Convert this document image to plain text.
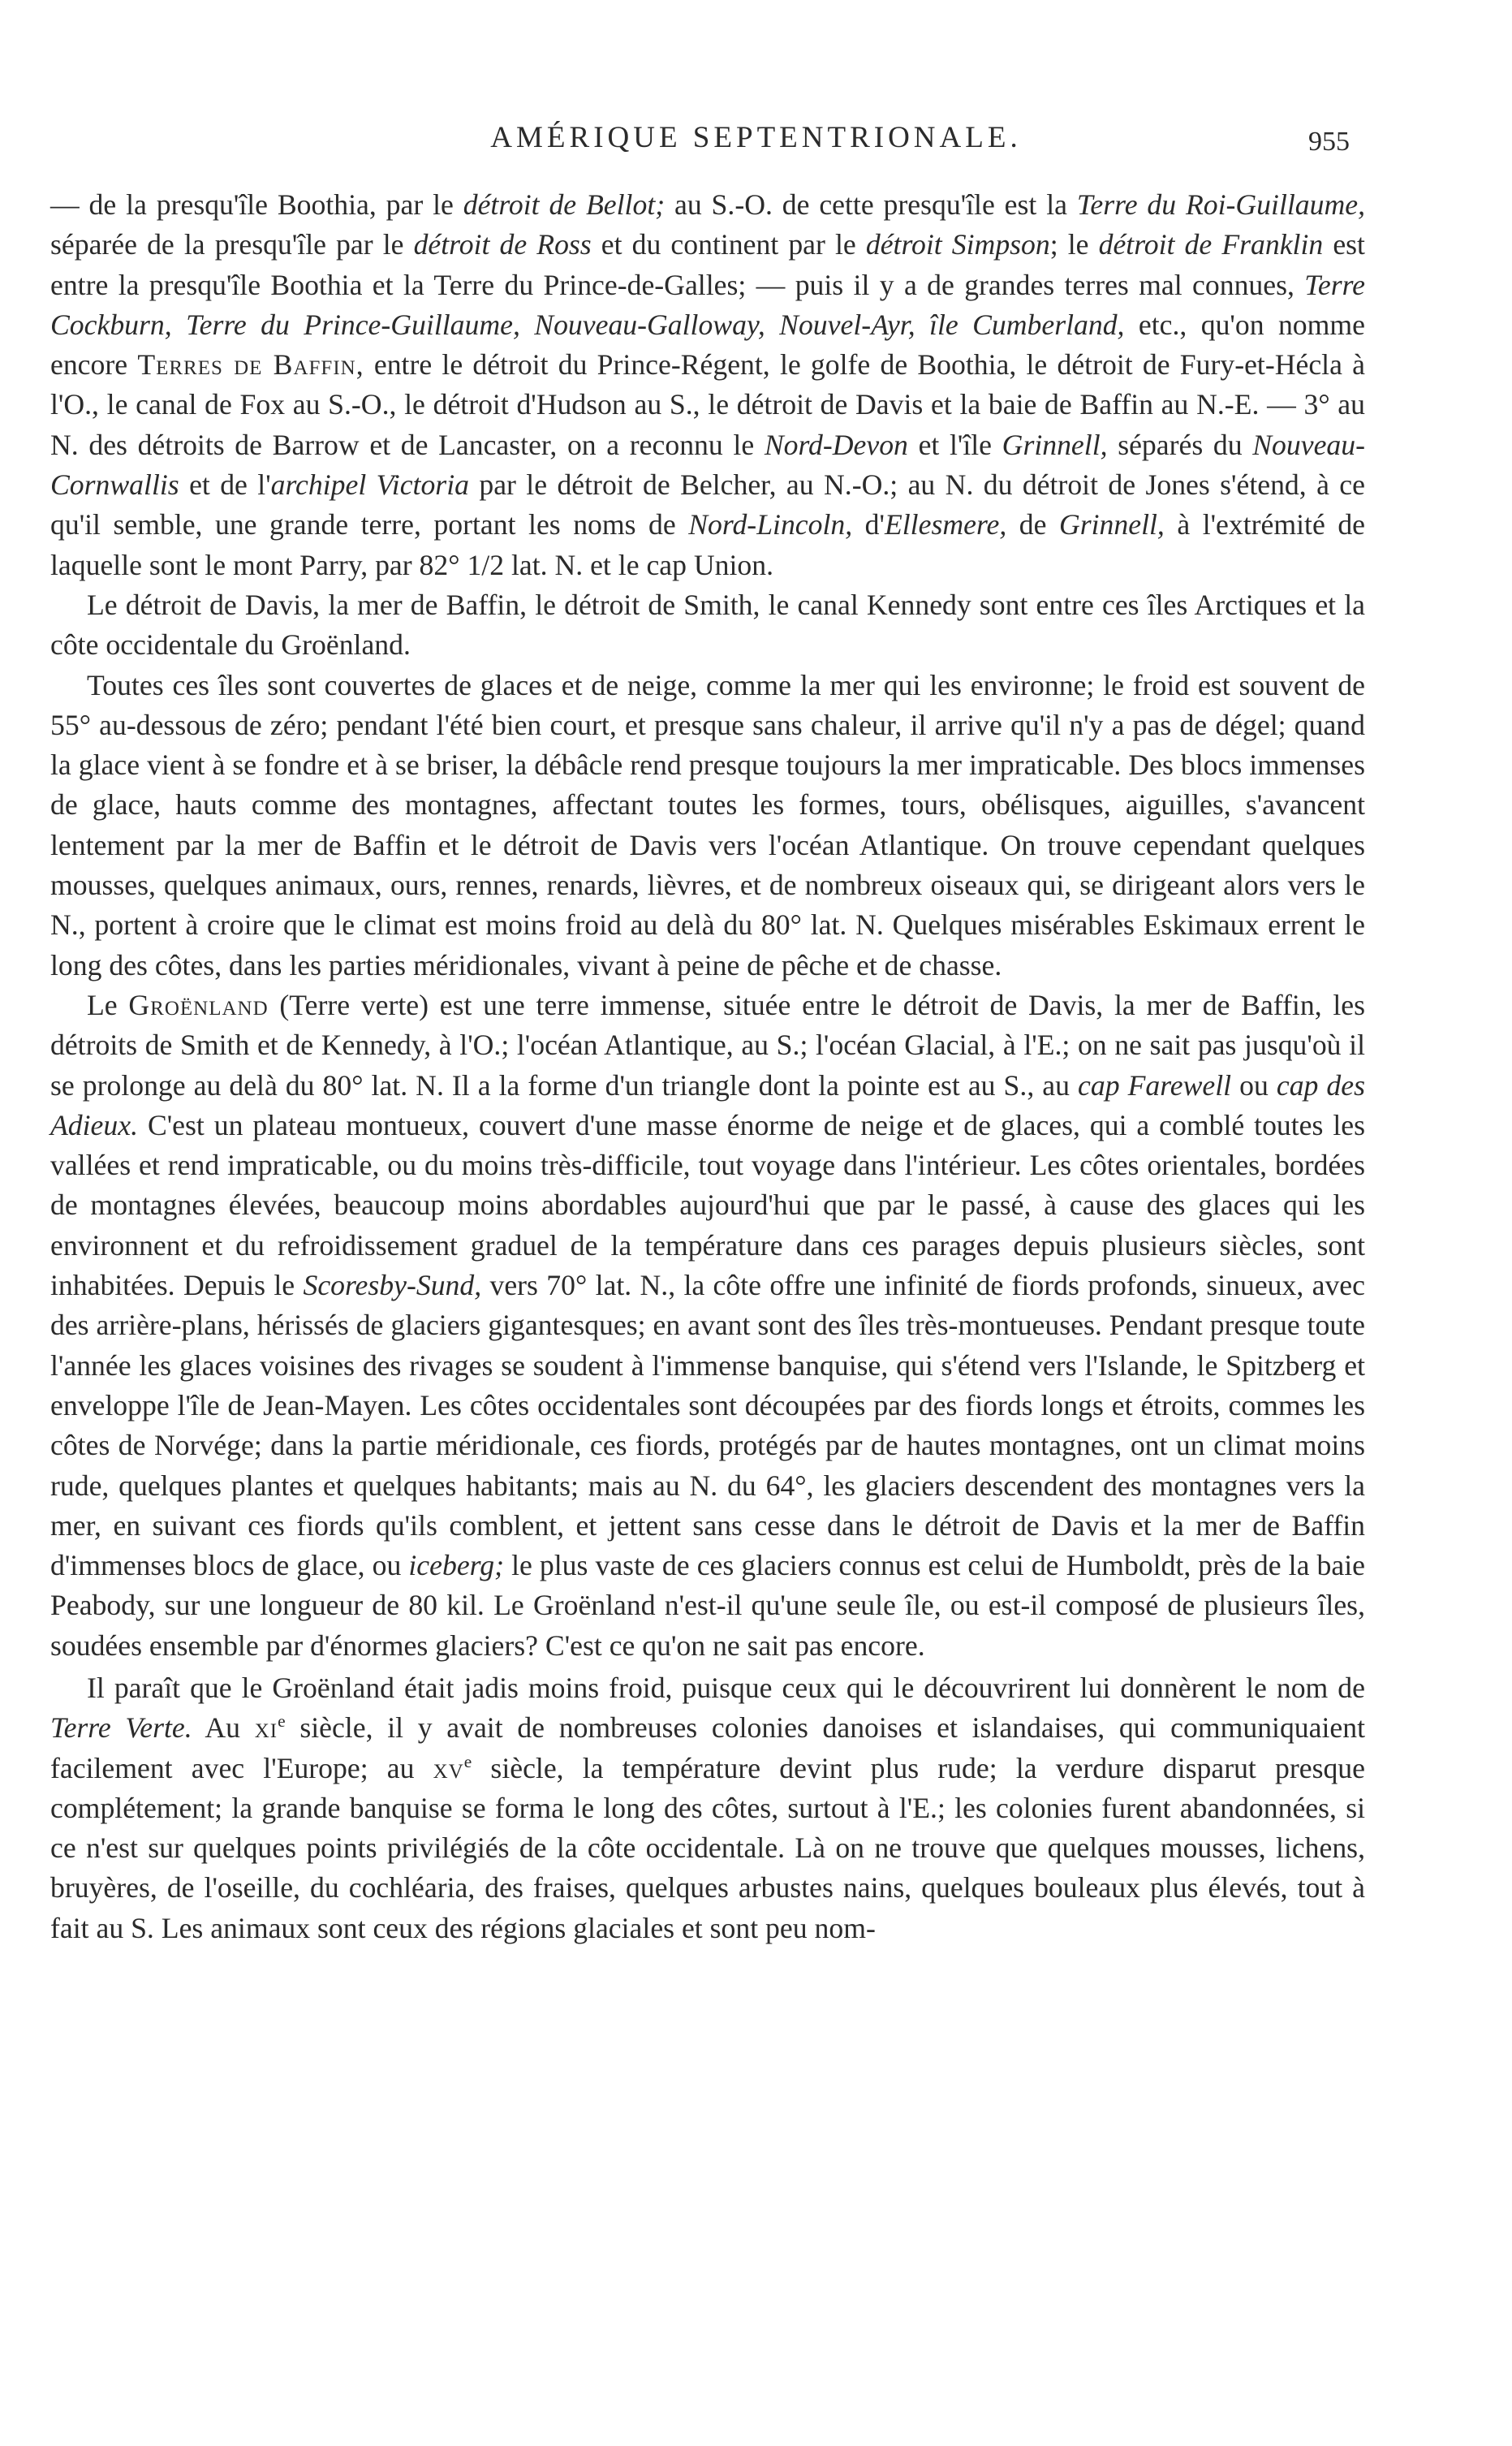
AMÉRIQUE SEPTENTRIONALE.	955

— de la presqu'île Boothia, par le détroit de Bellot; au S.-O. de cette presqu'île est la Terre du Roi-Guillaume, séparée de la presqu'île par le détroit de Ross et du continent par le détroit Simpson; le détroit de Franklin est entre la presqu'île Boothia et la Terre du Prince-de-Galles; — puis il y a de grandes terres mal connues, Terre Cockburn, Terre du Prince-Guillaume, Nouveau-Galloway, Nouvel-Ayr, île Cumberland, etc., qu'on nomme encore Terres de Baffin, entre le détroit du Prince-Régent, le golfe de Boothia, le détroit de Fury-et-Hécla à l'O., le canal de Fox au S.-O., le détroit d'Hudson au S., le détroit de Davis et la baie de Baffin au N.-E. — 3° au N. des détroits de Barrow et de Lancaster, on a reconnu le Nord-Devon et l'île Grinnell, séparés du Nouveau-Cornwallis et de l'archipel Victoria par le détroit de Belcher, au N.-O.; au N. du détroit de Jones s'étend, à ce qu'il semble, une grande terre, portant les noms de Nord-Lincoln, d'Ellesmere, de Grinnell, à l'extrémité de laquelle sont le mont Parry, par 82° 1/2 lat. N. et le cap Union.

Le détroit de Davis, la mer de Baffin, le détroit de Smith, le canal Kennedy sont entre ces îles Arctiques et la côte occidentale du Groënland.

Toutes ces îles sont couvertes de glaces et de neige, comme la mer qui les environne; le froid est souvent de 55° au-dessous de zéro; pendant l'été bien court, et presque sans chaleur, il arrive qu'il n'y a pas de dégel; quand la glace vient à se fondre et à se briser, la débâcle rend presque toujours la mer impraticable. Des blocs immenses de glace, hauts comme des montagnes, affectant toutes les formes, tours, obélisques, aiguilles, s'avancent lentement par la mer de Baffin et le détroit de Davis vers l'océan Atlantique. On trouve cependant quelques mousses, quelques animaux, ours, rennes, renards, lièvres, et de nombreux oiseaux qui, se dirigeant alors vers le N., portent à croire que le climat est moins froid au delà du 80° lat. N. Quelques misérables Eskimaux errent le long des côtes, dans les parties méridionales, vivant à peine de pêche et de chasse.

Le Groënland (Terre verte) est une terre immense, située entre le détroit de Davis, la mer de Baffin, les détroits de Smith et de Kennedy, à l'O.; l'océan Atlantique, au S.; l'océan Glacial, à l'E.; on ne sait pas jusqu'où il se prolonge au delà du 80° lat. N. Il a la forme d'un triangle dont la pointe est au S., au cap Farewell ou cap des Adieux. C'est un plateau montueux, couvert d'une masse énorme de neige et de glaces, qui a comblé toutes les vallées et rend impraticable, ou du moins très-difficile, tout voyage dans l'intérieur. Les côtes orientales, bordées de montagnes élevées, beaucoup moins abordables aujourd'hui que par le passé, à cause des glaces qui les environnent et du refroidissement graduel de la température dans ces parages depuis plusieurs siècles, sont inhabitées. Depuis le Scoresby-Sund, vers 70° lat. N., la côte offre une infinité de fiords profonds, sinueux, avec des arrière-plans, hérissés de glaciers gigantesques; en avant sont des îles très-montueuses. Pendant presque toute l'année les glaces voisines des rivages se soudent à l'immense banquise, qui s'étend vers l'Islande, le Spitzberg et enveloppe l'île de Jean-Mayen. Les côtes occidentales sont découpées par des fiords longs et étroits, commes les côtes de Norvége; dans la partie méridionale, ces fiords, protégés par de hautes montagnes, ont un climat moins rude, quelques plantes et quelques habitants; mais au N. du 64°, les glaciers descendent des montagnes vers la mer, en suivant ces fiords qu'ils comblent, et jettent sans cesse dans le détroit de Davis et la mer de Baffin d'immenses blocs de glace, ou iceberg; le plus vaste de ces glaciers connus est celui de Humboldt, près de la baie Peabody, sur une longueur de 80 kil. Le Groënland n'est-il qu'une seule île, ou est-il composé de plusieurs îles, soudées ensemble par d'énormes glaciers? C'est ce qu'on ne sait pas encore.

Il paraît que le Groënland était jadis moins froid, puisque ceux qui le découvrirent lui donnèrent le nom de Terre Verte. Au $xi^e$ siècle, il y avait de nombreuses colonies danoises et islandaises, qui communiquaient facilement avec l'Europe; au $xv^e$ siècle, la température devint plus rude; la verdure disparut presque complétement; la grande banquise se forma le long des côtes, surtout à l'E.; les colonies furent abandonnées, si ce n'est sur quelques points privilégiés de la côte occidentale. Là on ne trouve que quelques mousses, lichens, bruyères, de l'oseille, du cochléaria, des fraises, quelques arbustes nains, quelques bouleaux plus élevés, tout à fait au S. Les animaux sont ceux des régions glaciales et sont peu nom-
